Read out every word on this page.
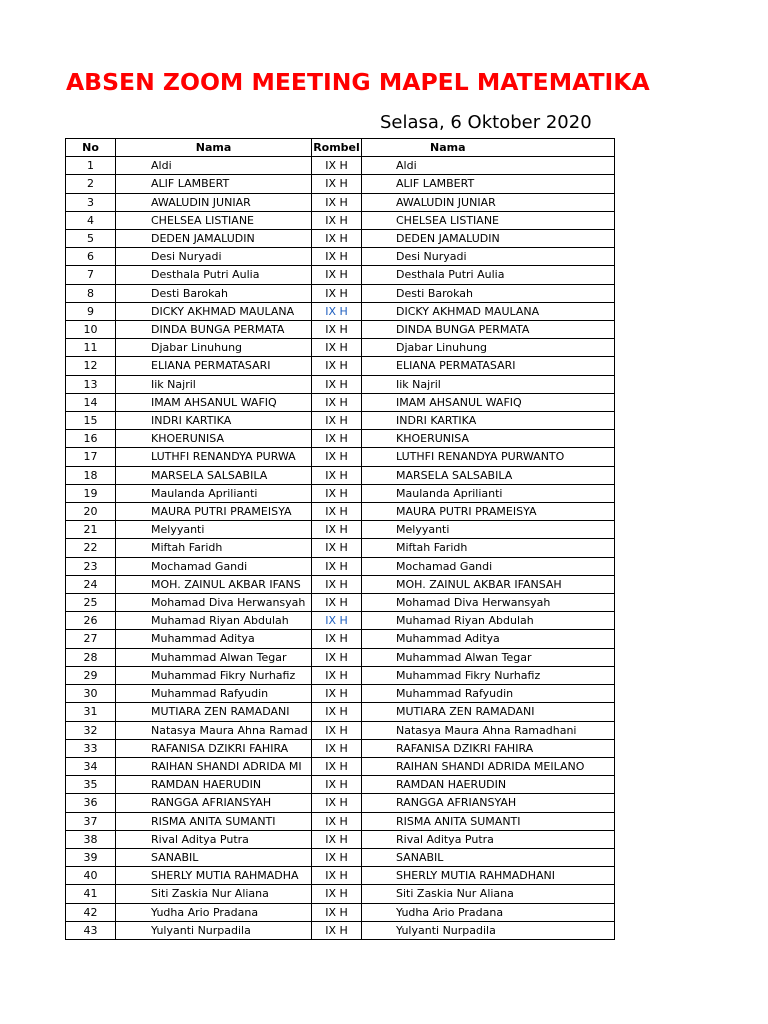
ABSEN ZOOM MEETING MAPEL MATEMATIKA
Selasa, 6 Oktober 2020
No	Nama	Rombel	Nama
1	Aldi	IX H	Aldi
2	ALIF LAMBERT	IX H	ALIF LAMBERT
3	AWALUDIN JUNIAR	IX H	AWALUDIN JUNIAR
4	CHELSEA LISTIANE	IX H	CHELSEA LISTIANE
5	DEDEN JAMALUDIN	IX H	DEDEN JAMALUDIN
6	Desi Nuryadi	IX H	Desi Nuryadi
7	Desthala Putri Aulia	IX H	Desthala Putri Aulia
8	Desti Barokah	IX H	Desti Barokah
9	DICKY AKHMAD MAULANA	IX H	DICKY AKHMAD MAULANA
10	DINDA BUNGA PERMATA	IX H	DINDA BUNGA PERMATA
11	Djabar Linuhung	IX H	Djabar Linuhung
12	ELIANA PERMATASARI	IX H	ELIANA PERMATASARI
13	Iik Najril	IX H	Iik Najril
14	IMAM AHSANUL WAFIQ	IX H	IMAM AHSANUL WAFIQ
15	INDRI KARTIKA	IX H	INDRI KARTIKA
16	KHOERUNISA	IX H	KHOERUNISA
17	LUTHFI RENANDYA PURWA	IX H	LUTHFI RENANDYA PURWANTO
18	MARSELA SALSABILA	IX H	MARSELA SALSABILA
19	Maulanda Aprilianti	IX H	Maulanda Aprilianti
20	MAURA PUTRI PRAMEISYA	IX H	MAURA PUTRI PRAMEISYA
21	Melyyanti	IX H	Melyyanti
22	Miftah Faridh	IX H	Miftah Faridh
23	Mochamad Gandi	IX H	Mochamad Gandi
24	MOH. ZAINUL AKBAR IFANS	IX H	MOH. ZAINUL AKBAR IFANSAH
25	Mohamad Diva Herwansyah	IX H	Mohamad Diva Herwansyah
26	Muhamad Riyan Abdulah	IX H	Muhamad Riyan Abdulah
27	Muhammad Aditya	IX H	Muhammad Aditya
28	Muhammad Alwan Tegar	IX H	Muhammad Alwan Tegar
29	Muhammad Fikry Nurhafiz	IX H	Muhammad Fikry Nurhafiz
30	Muhammad Rafyudin	IX H	Muhammad Rafyudin
31	MUTIARA ZEN RAMADANI	IX H	MUTIARA ZEN RAMADANI
32	Natasya Maura Ahna Ramad	IX H	Natasya Maura Ahna Ramadhani
33	RAFANISA DZIKRI FAHIRA	IX H	RAFANISA DZIKRI FAHIRA
34	RAIHAN SHANDI ADRIDA MI	IX H	RAIHAN SHANDI ADRIDA MEILANO
35	RAMDAN HAERUDIN	IX H	RAMDAN HAERUDIN
36	RANGGA AFRIANSYAH	IX H	RANGGA AFRIANSYAH
37	RISMA ANITA SUMANTI	IX H	RISMA ANITA SUMANTI
38	Rival Aditya Putra	IX H	Rival Aditya Putra
39	SANABIL	IX H	SANABIL
40	SHERLY MUTIA RAHMADHA	IX H	SHERLY MUTIA RAHMADHANI
41	Siti Zaskia Nur Aliana	IX H	Siti Zaskia Nur Aliana
42	Yudha Ario Pradana	IX H	Yudha Ario Pradana
43	Yulyanti Nurpadila	IX H	Yulyanti Nurpadila
